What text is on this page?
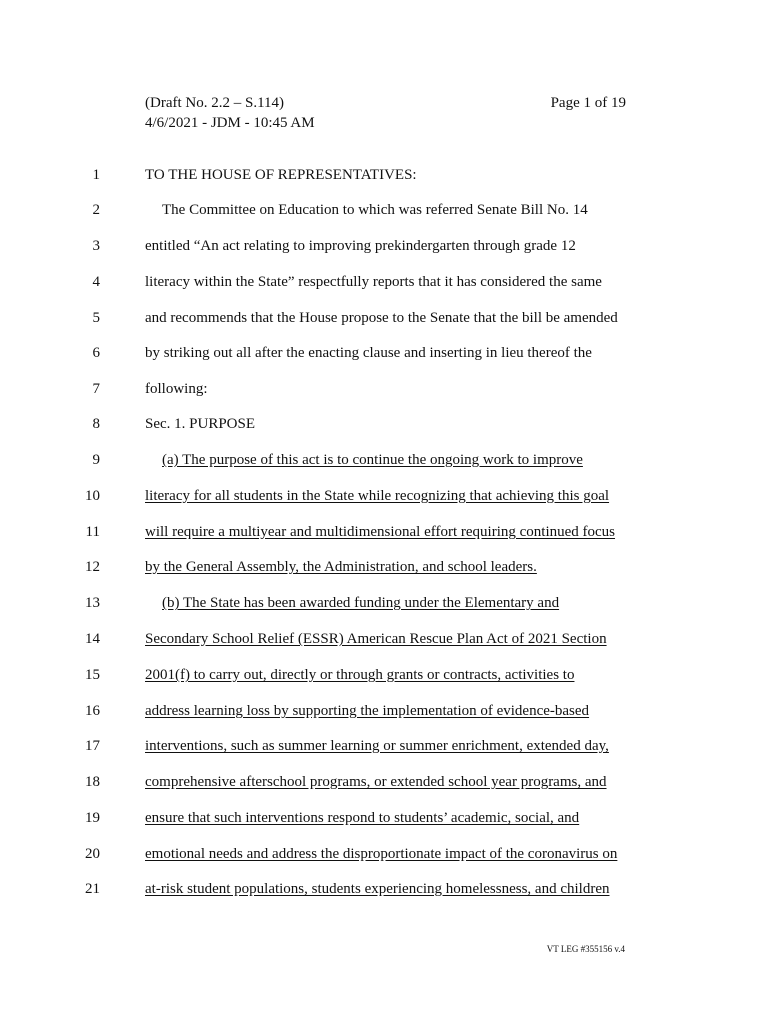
(Draft No. 2.2 – S.114)
4/6/2021 - JDM - 10:45 AM
Page 1 of 19
1	TO THE HOUSE OF REPRESENTATIVES:
2	The Committee on Education to which was referred Senate Bill No. 14
3	entitled “An act relating to improving prekindergarten through grade 12
4	literacy within the State” respectfully reports that it has considered the same
5	and recommends that the House propose to the Senate that the bill be amended
6	by striking out all after the enacting clause and inserting in lieu thereof the
7	following:
8	Sec. 1. PURPOSE
9	(a) The purpose of this act is to continue the ongoing work to improve
10	literacy for all students in the State while recognizing that achieving this goal
11	will require a multiyear and multidimensional effort requiring continued focus
12	by the General Assembly, the Administration, and school leaders.
13	(b) The State has been awarded funding under the Elementary and
14	Secondary School Relief (ESSR) American Rescue Plan Act of 2021 Section
15	2001(f) to carry out, directly or through grants or contracts, activities to
16	address learning loss by supporting the implementation of evidence-based
17	interventions, such as summer learning or summer enrichment, extended day,
18	comprehensive afterschool programs, or extended school year programs, and
19	ensure that such interventions respond to students’ academic, social, and
20	emotional needs and address the disproportionate impact of the coronavirus on
21	at-risk student populations, students experiencing homelessness, and children
VT LEG #355156 v.4
